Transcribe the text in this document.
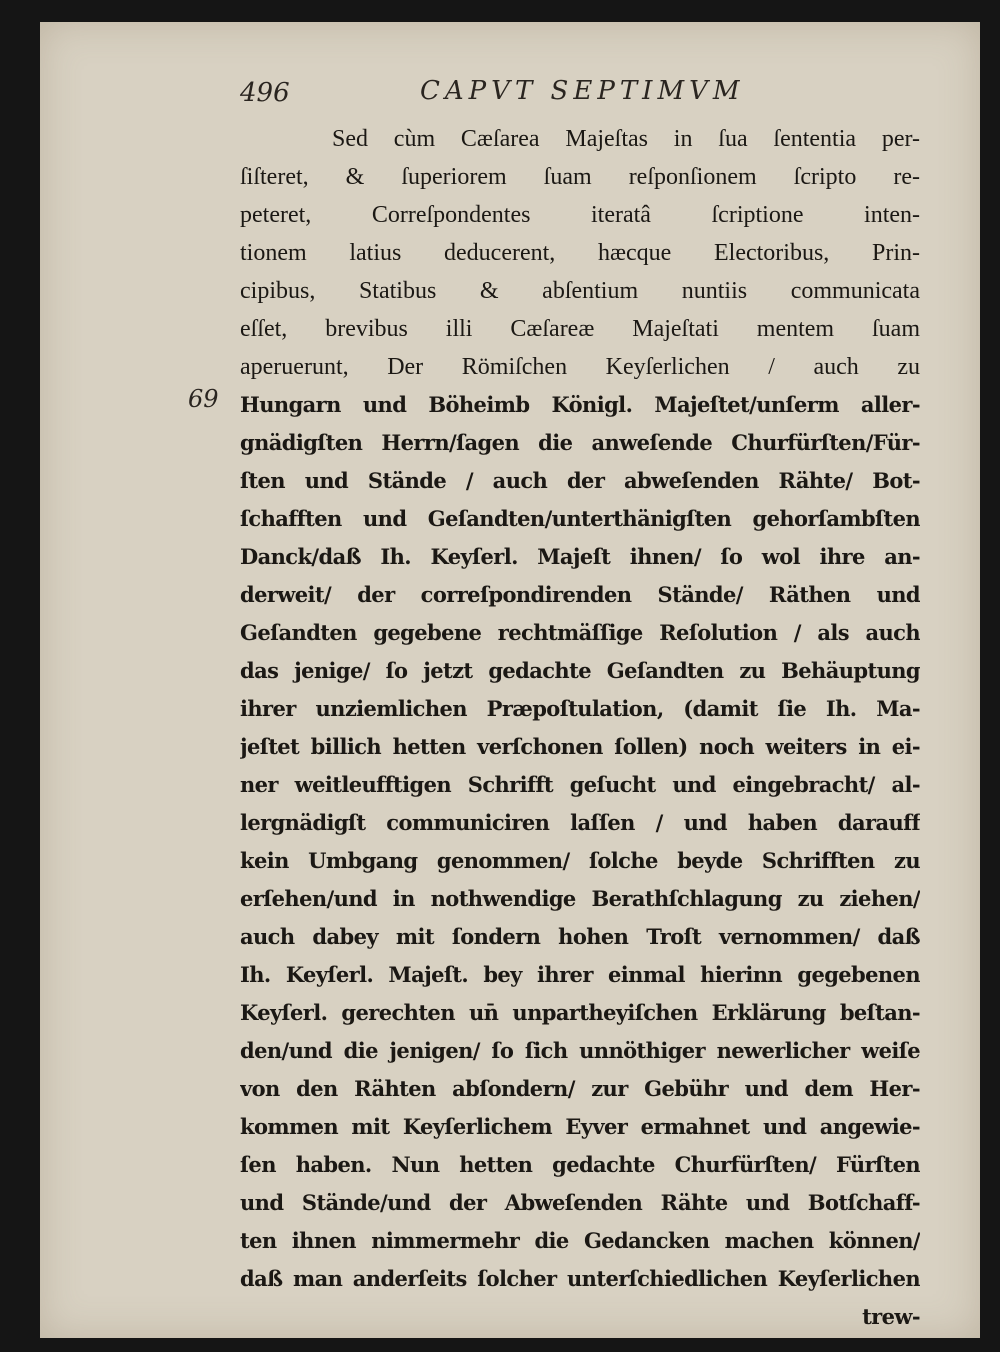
496	CAPVT SEPTIMVM
69
Sed cùm Cæſarea Majeſtas in ſua ſententia per-
ſiſteret, & ſuperiorem ſuam reſponſionem ſcripto re-
peteret, Correſpondentes iteratâ ſcriptione inten-
tionem latius deducerent, hæcque Electoribus, Prin-
cipibus, Statibus & abſentium nuntiis communicata
eſſet, brevibus illi Cæſareæ Majeſtati mentem ſuam
aperuerunt, Der Römiſchen Keyſerlichen / auch zu
Hungarn und Böheimb Königl. Majeſtet/unſerm aller-
gnädigſten Herrn/ſagen die anweſende Churfürſten/Für-
ſten und Stände / auch der abweſenden Rähte/ Bot-
ſchafften und Geſandten/unterthänigſten gehorſambſten
Danck/daß Ih. Keyſerl. Majeſt ihnen/ ſo wol ihre an-
derweit/ der correſpondirenden Stände/ Räthen und
Geſandten gegebene rechtmäſſige Reſolution / als auch
das jenige/ ſo jetzt gedachte Geſandten zu Behäuptung
ihrer unziemlichen Præpoſtulation, (damit ſie Ih. Ma-
jeſtet billich hetten verſchonen ſollen) noch weiters in ei-
ner weitleufftigen Schrifft geſucht und eingebracht/ al-
lergnädigſt communiciren laſſen / und haben darauff
kein Umbgang genommen/ ſolche beyde Schrifften zu
erſehen/und in nothwendige Berathſchlagung zu ziehen/
auch dabey mit ſondern hohen Troſt vernommen/ daß
Ih. Keyſerl. Majeſt. bey ihrer einmal hierinn gegebenen
Keyſerl. gerechten un̄ unpartheyiſchen Erklärung beſtan-
den/und die jenigen/ ſo ſich unnöthiger newerlicher weiſe
von den Rähten abſondern/ zur Gebühr und dem Her-
kommen mit Keyſerlichem Eyver ermahnet und angewie-
ſen haben. Nun hetten gedachte Churfürſten/ Fürſten
und Stände/und der Abweſenden Rähte und Botſchaff-
ten ihnen nimmermehr die Gedancken machen können/
daß man anderſeits ſolcher unterſchiedlichen Keyſerlichen
trew-
